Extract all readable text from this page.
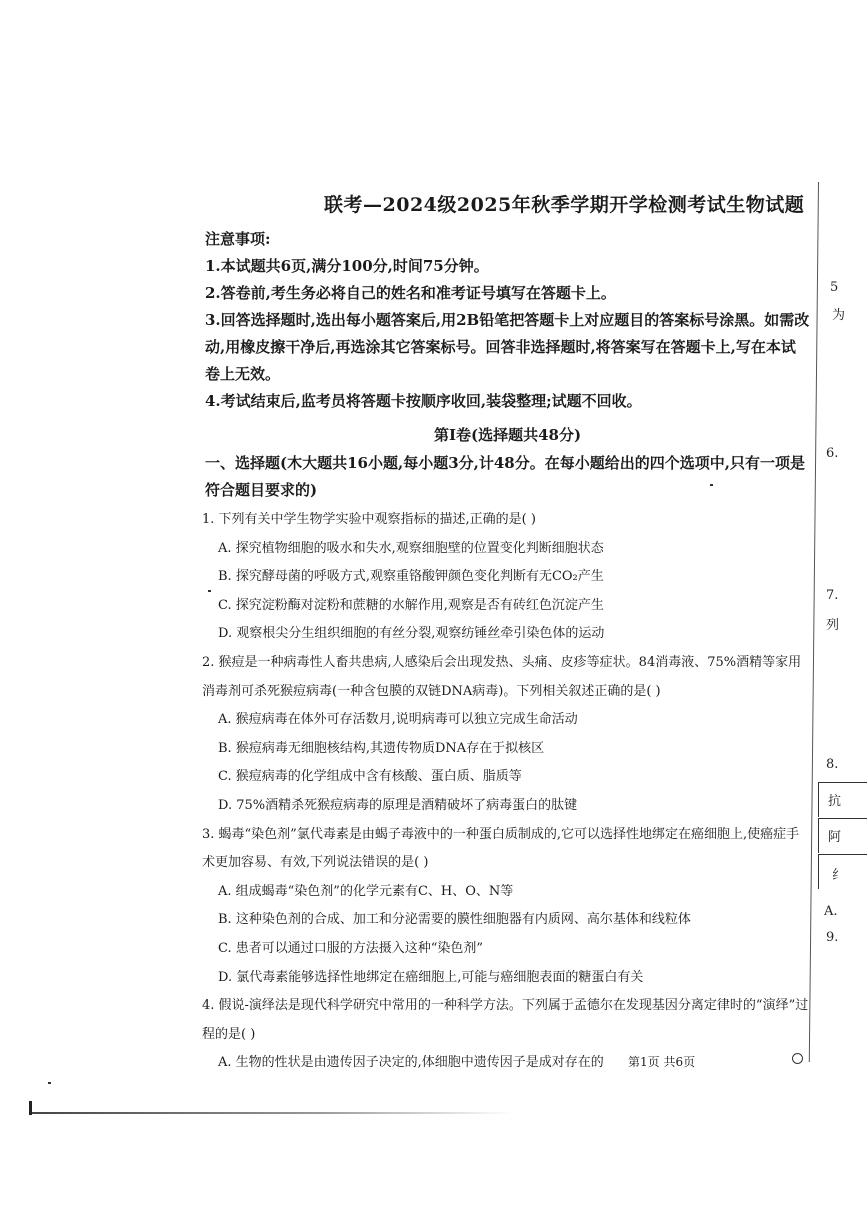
联考—2024级2025年秋季学期开学检测考试生物试题

注意事项:

1.本试题共6页,满分100分,时间75分钟。

2.答卷前,考生务必将自己的姓名和准考证号填写在答题卡上。

3.回答选择题时,选出每小题答案后,用2B铅笔把答题卡上对应题目的答案标号涂黑。如需改动,用橡皮擦干净后,再选涂其它答案标号。回答非选择题时,将答案写在答题卡上,写在本试卷上无效。

4.考试结束后,监考员将答题卡按顺序收回,装袋整理;试题不回收。

第I卷(选择题共48分)
一、选择题(木大题共16小题,每小题3分,计48分。在每小题给出的四个选项中,只有一项是符合题目要求的)
1. 下列有关中学生物学实验中观察指标的描述,正确的是( )
A. 探究植物细胞的吸水和失水,观察细胞壁的位置变化判断细胞状态
B. 探究酵母菌的呼吸方式,观察重铬酸钾颜色变化判断有无CO₂产生
C. 探究淀粉酶对淀粉和蔗糖的水解作用,观察是否有砖红色沉淀产生
D. 观察根尖分生组织细胞的有丝分裂,观察纺锤丝牵引染色体的运动
2. 猴痘是一种病毒性人畜共患病,人感染后会出现发热、头痛、皮疹等症状。84消毒液、75%酒精等家用消毒剂可杀死猴痘病毒(一种含包膜的双链DNA病毒)。下列相关叙述正确的是( )
A. 猴痘病毒在体外可存活数月,说明病毒可以独立完成生命活动
B. 猴痘病毒无细胞核结构,其遗传物质DNA存在于拟核区
C. 猴痘病毒的化学组成中含有核酸、蛋白质、脂质等
D. 75%酒精杀死猴痘病毒的原理是酒精破坏了病毒蛋白的肽键
3. 蝎毒“染色剂”氯代毒素是由蝎子毒液中的一种蛋白质制成的,它可以选择性地绑定在癌细胞上,使癌症手术更加容易、有效,下列说法错误的是( )
A. 组成蝎毒“染色剂”的化学元素有C、H、O、N等
B. 这种染色剂的合成、加工和分泌需要的膜性细胞器有内质网、高尔基体和线粒体
C. 患者可以通过口服的方法摄入这种“染色剂”
D. 氯代毒素能够选择性地绑定在癌细胞上,可能与癌细胞表面的糖蛋白有关
4. 假说-演绎法是现代科学研究中常用的一种科学方法。下列属于孟德尔在发现基因分离定律时的“演绎”过程的是( )
A. 生物的性状是由遗传因子决定的,体细胞中遗传因子是成对存在的	第1页 共6页
5
为
6.
7.
列
8.
抗
阿
纟
A.
9.
